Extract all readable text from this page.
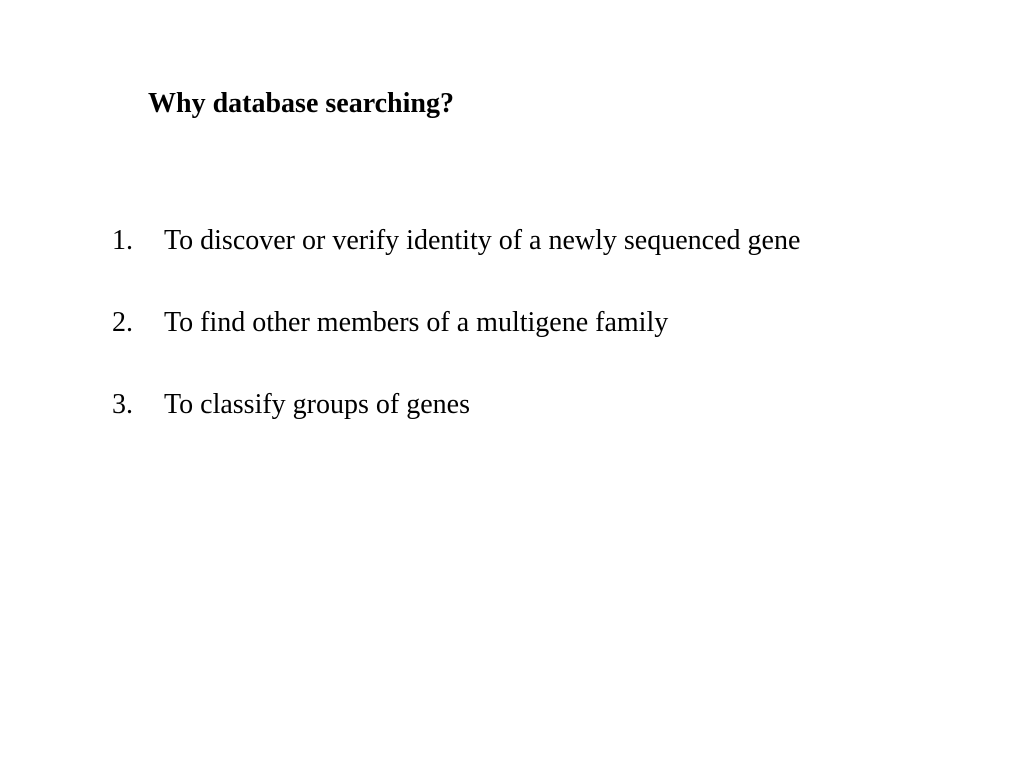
Why database searching?

1. To discover or verify identity of a newly sequenced gene

2. To find other members of a multigene family

3. To classify groups of genes
